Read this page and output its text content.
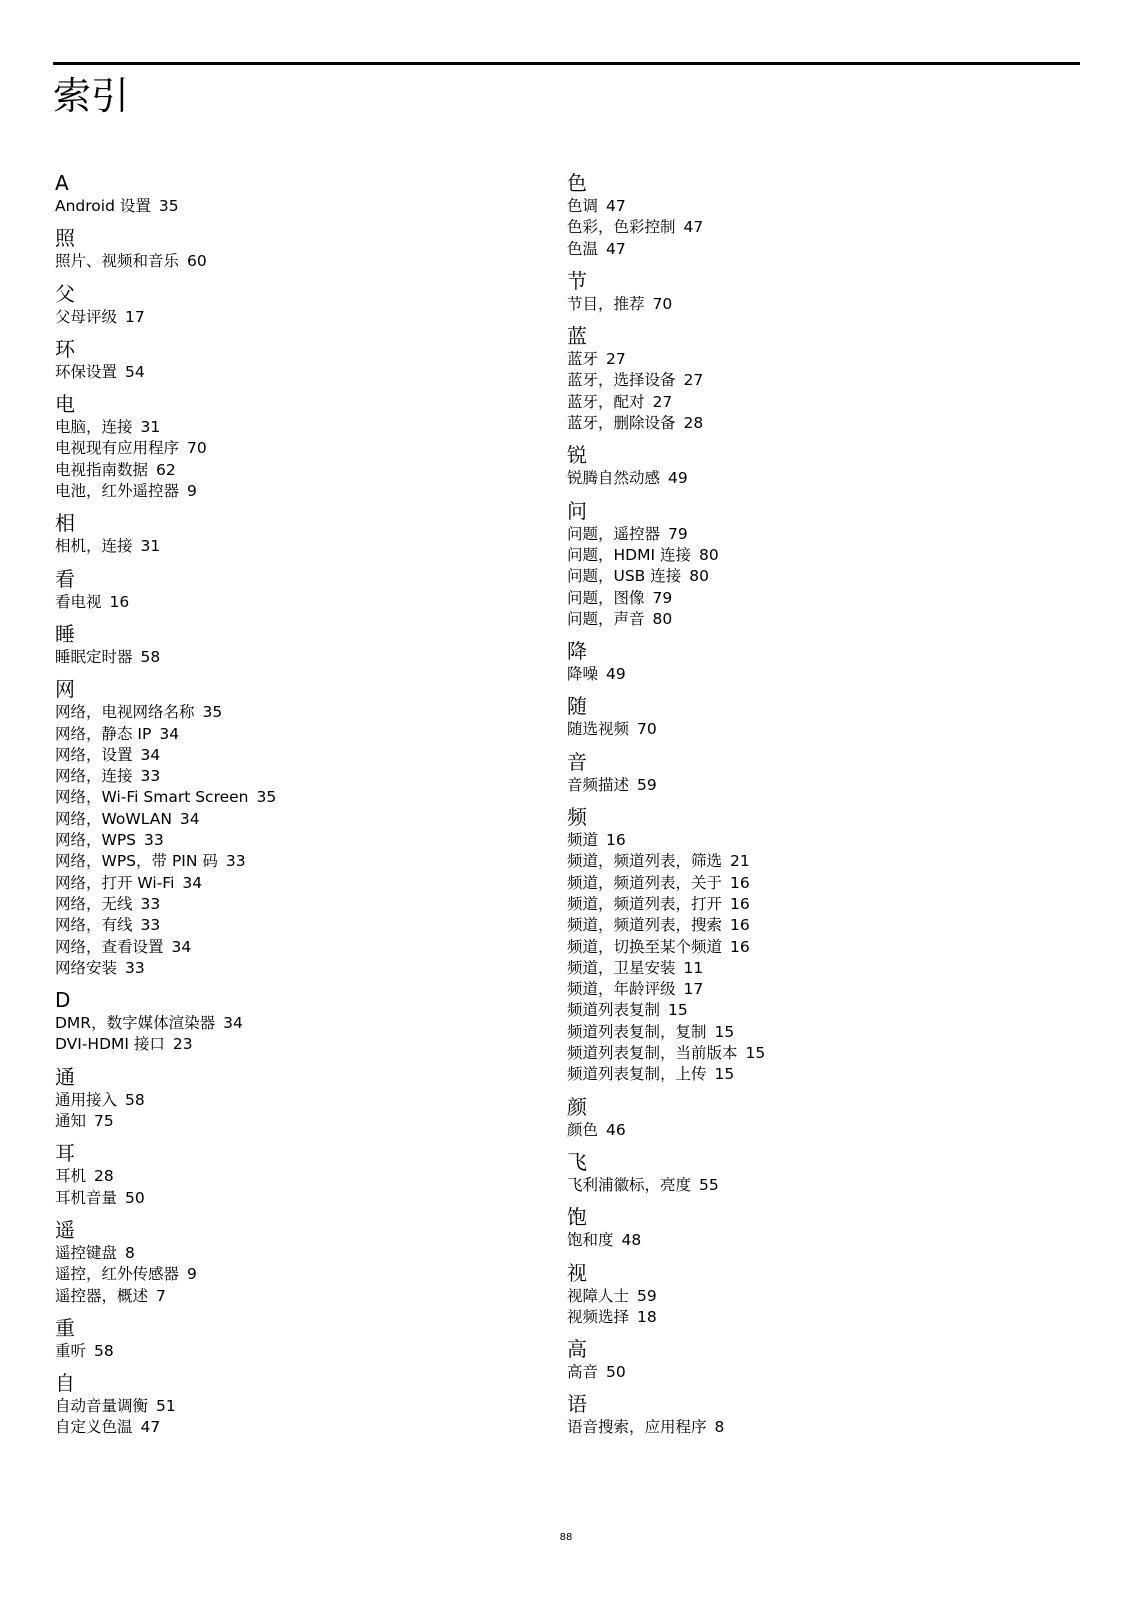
索引
A
Android 设置 35
照
照片、视频和音乐 60
父
父母评级 17
环
环保设置 54
电
电脑，连接 31
电视现有应用程序 70
电视指南数据 62
电池，红外遥控器 9
相
相机，连接 31
看
看电视 16
睡
睡眠定时器 58
网
网络，电视网络名称 35
网络，静态 IP 34
网络，设置 34
网络，连接 33
网络，Wi-Fi Smart Screen 35
网络，WoWLAN 34
网络，WPS 33
网络，WPS，带 PIN 码 33
网络，打开 Wi-Fi 34
网络，无线 33
网络，有线 33
网络，查看设置 34
网络安装 33
D
DMR，数字媒体渲染器 34
DVI-HDMI 接口 23
通
通用接入 58
通知 75
耳
耳机 28
耳机音量 50
遥
遥控键盘 8
遥控，红外传感器 9
遥控器，概述 7
重
重听 58
自
自动音量调衡 51
自定义色温 47
色
色调 47
色彩，色彩控制 47
色温 47
节
节目，推荐 70
蓝
蓝牙 27
蓝牙，选择设备 27
蓝牙，配对 27
蓝牙，删除设备 28
锐
锐腾自然动感 49
问
问题，遥控器 79
问题，HDMI 连接 80
问题，USB 连接 80
问题，图像 79
问题，声音 80
降
降噪 49
随
随选视频 70
音
音频描述 59
频
频道 16
频道，频道列表，筛选 21
频道，频道列表，关于 16
频道，频道列表，打开 16
频道，频道列表，搜索 16
频道，切换至某个频道 16
频道，卫星安装 11
频道，年龄评级 17
频道列表复制 15
频道列表复制，复制 15
频道列表复制，当前版本 15
频道列表复制，上传 15
颜
颜色 46
飞
飞利浦徽标，亮度 55
饱
饱和度 48
视
视障人士 59
视频选择 18
高
高音 50
语
语音搜索，应用程序 8
88
